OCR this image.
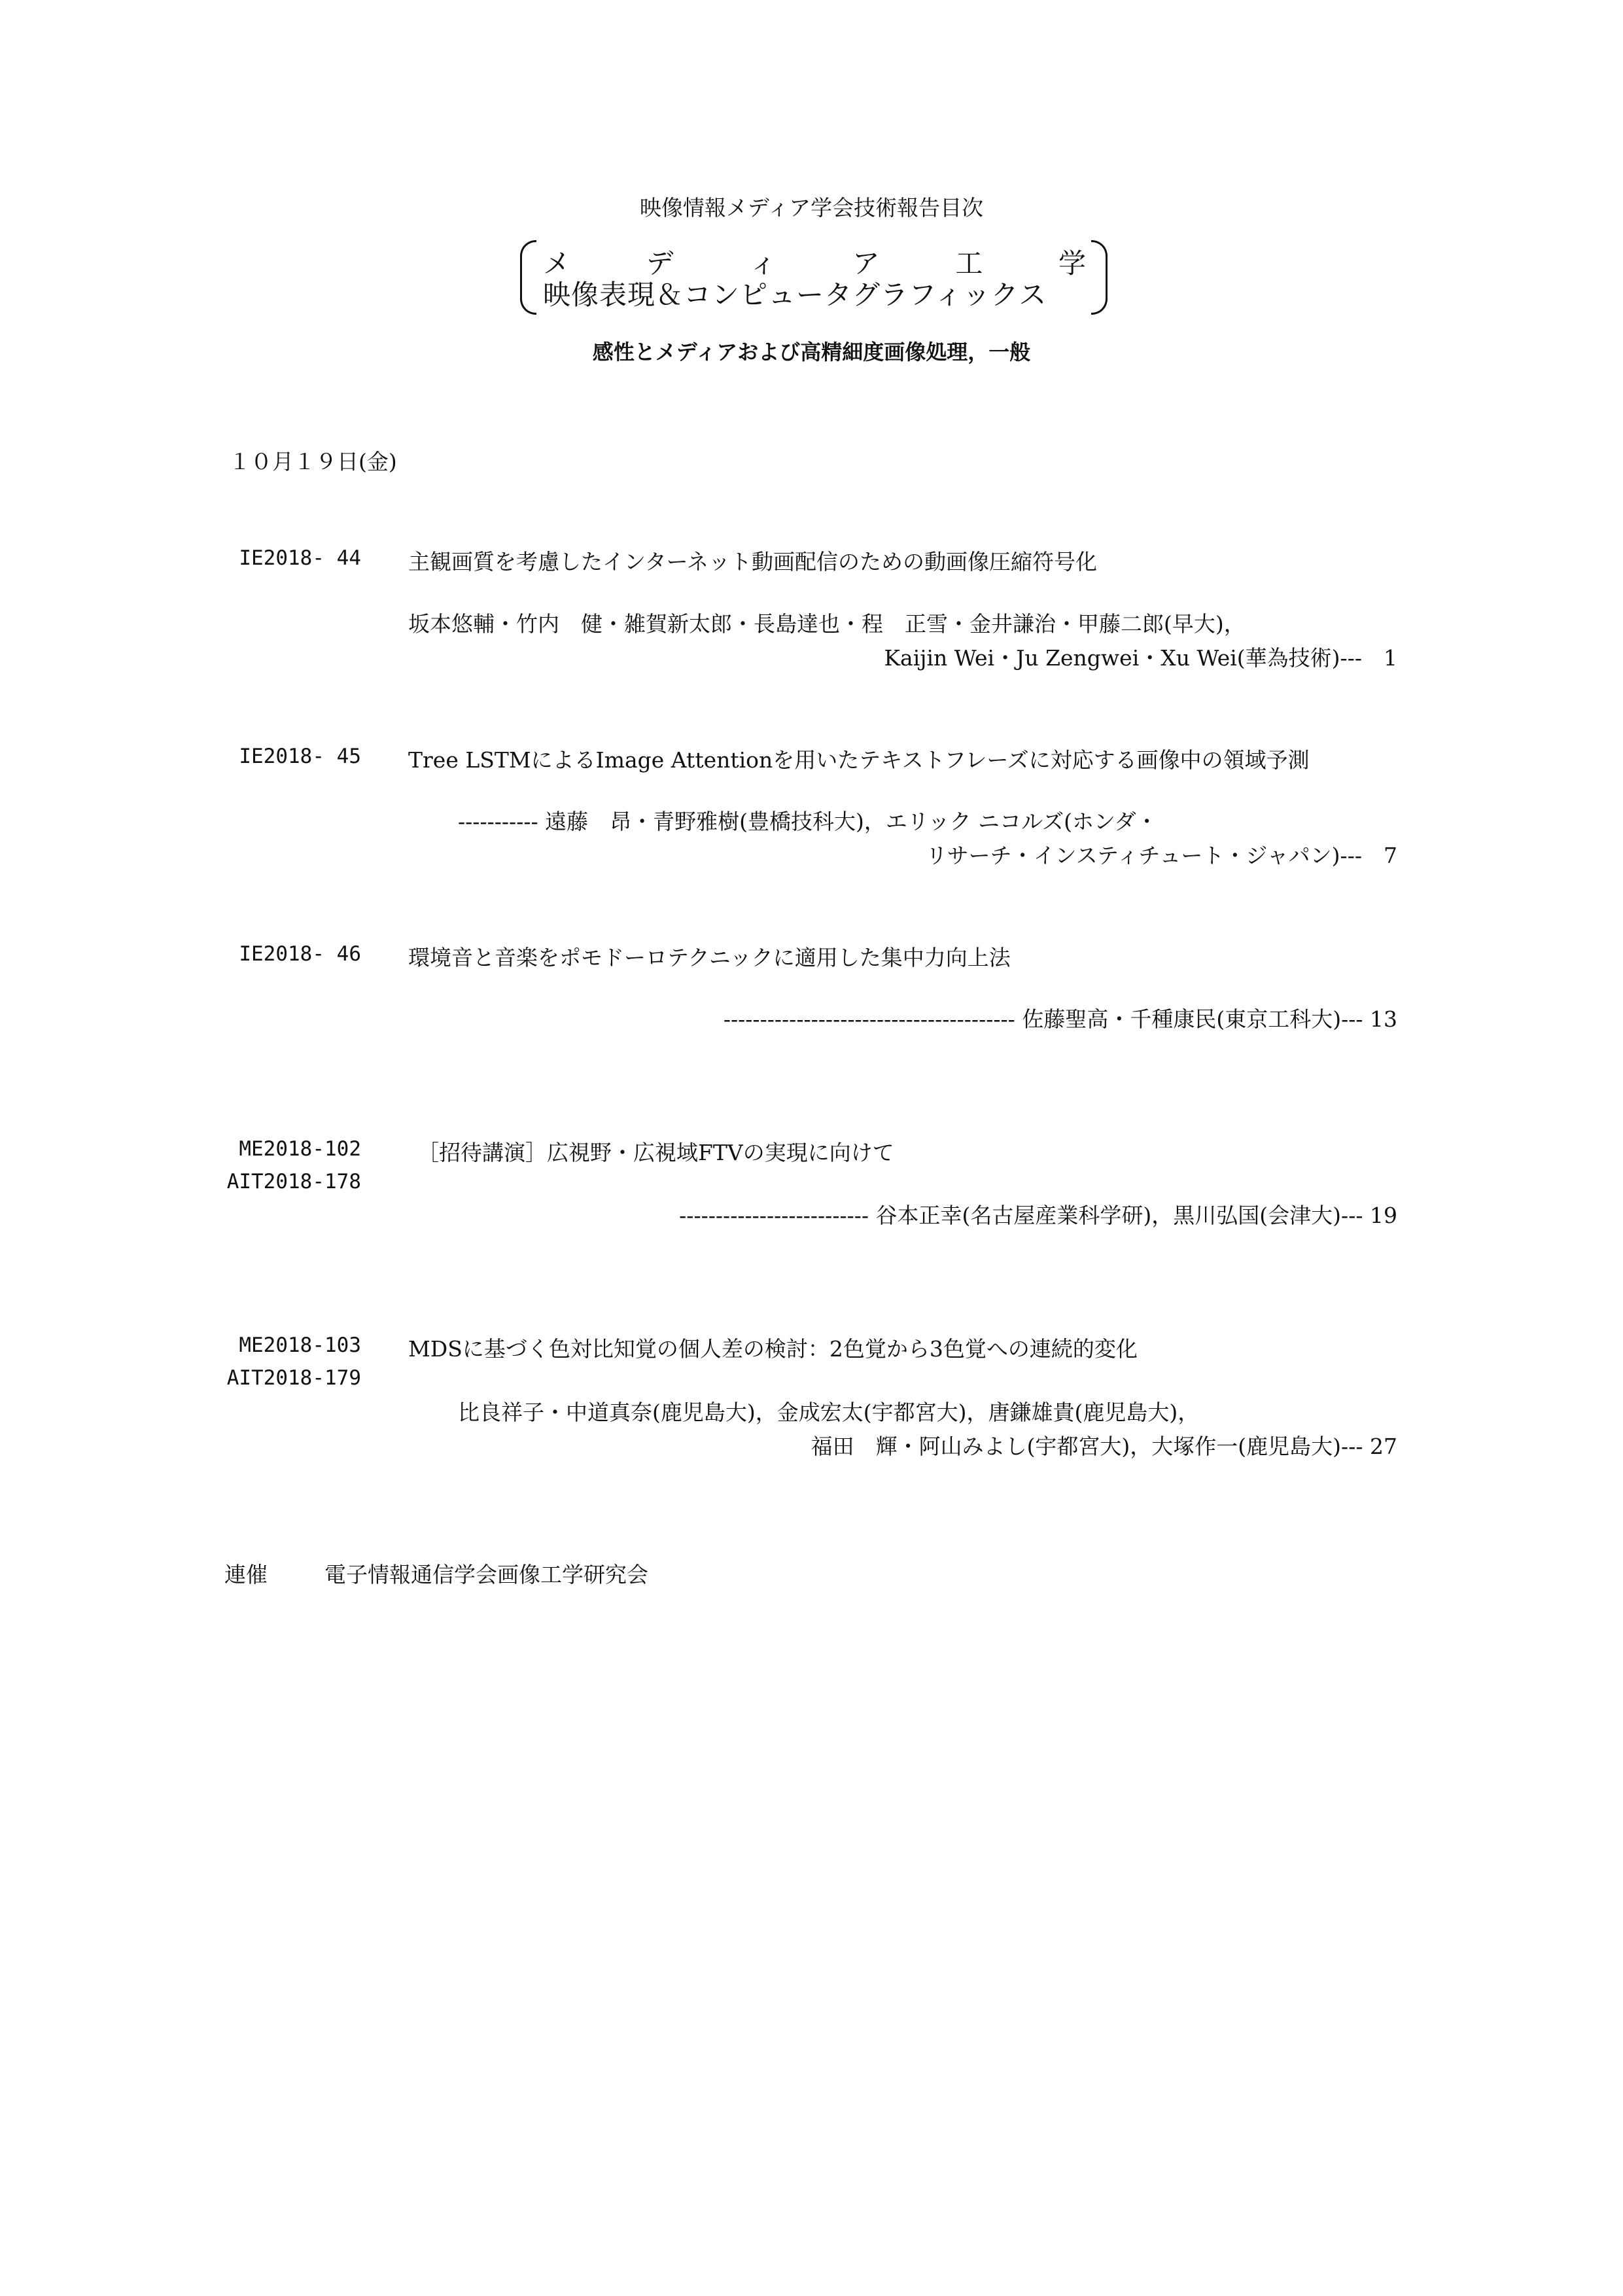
映像情報メディア学会技術報告目次
メ	デ	ィ	ア	工	学
映像表現＆コンピュータグラフィックス
感性とメディアおよび高精細度画像処理，一般
１０月１９日(金)
IE2018- 44 主観画質を考慮したインターネット動画配信のための動画像圧縮符号化
坂本悠輔・竹内　健・雑賀新太郎・長島達也・程　正雪・金井謙治・甲藤二郎(早大)，
Kaijin Wei・Ju Zengwei・Xu Wei(華為技術)---　1
IE2018- 45 Tree LSTMによるImage Attentionを用いたテキストフレーズに対応する画像中の領域予測
----------- 遠藤　昂・青野雅樹(豊橋技科大)，エリック ニコルズ(ホンダ・
リサーチ・インスティチュート・ジャパン)---　7
IE2018- 46 環境音と音楽をポモドーロテクニックに適用した集中力向上法
---------------------------------------- 佐藤聖高・千種康民(東京工科大)--- 13
ME2018-102
AIT2018-178
［招待講演］広視野・広視域FTVの実現に向けて
-------------------------- 谷本正幸(名古屋産業科学研)，黒川弘国(会津大)--- 19
ME2018-103
AIT2018-179
MDSに基づく色対比知覚の個人差の検討：2色覚から3色覚への連続的変化
比良祥子・中道真奈(鹿児島大)，金成宏太(宇都宮大)，唐鎌雄貴(鹿児島大)，
福田　輝・阿山みよし(宇都宮大)，大塚作一(鹿児島大)--- 27
連催	電子情報通信学会画像工学研究会
